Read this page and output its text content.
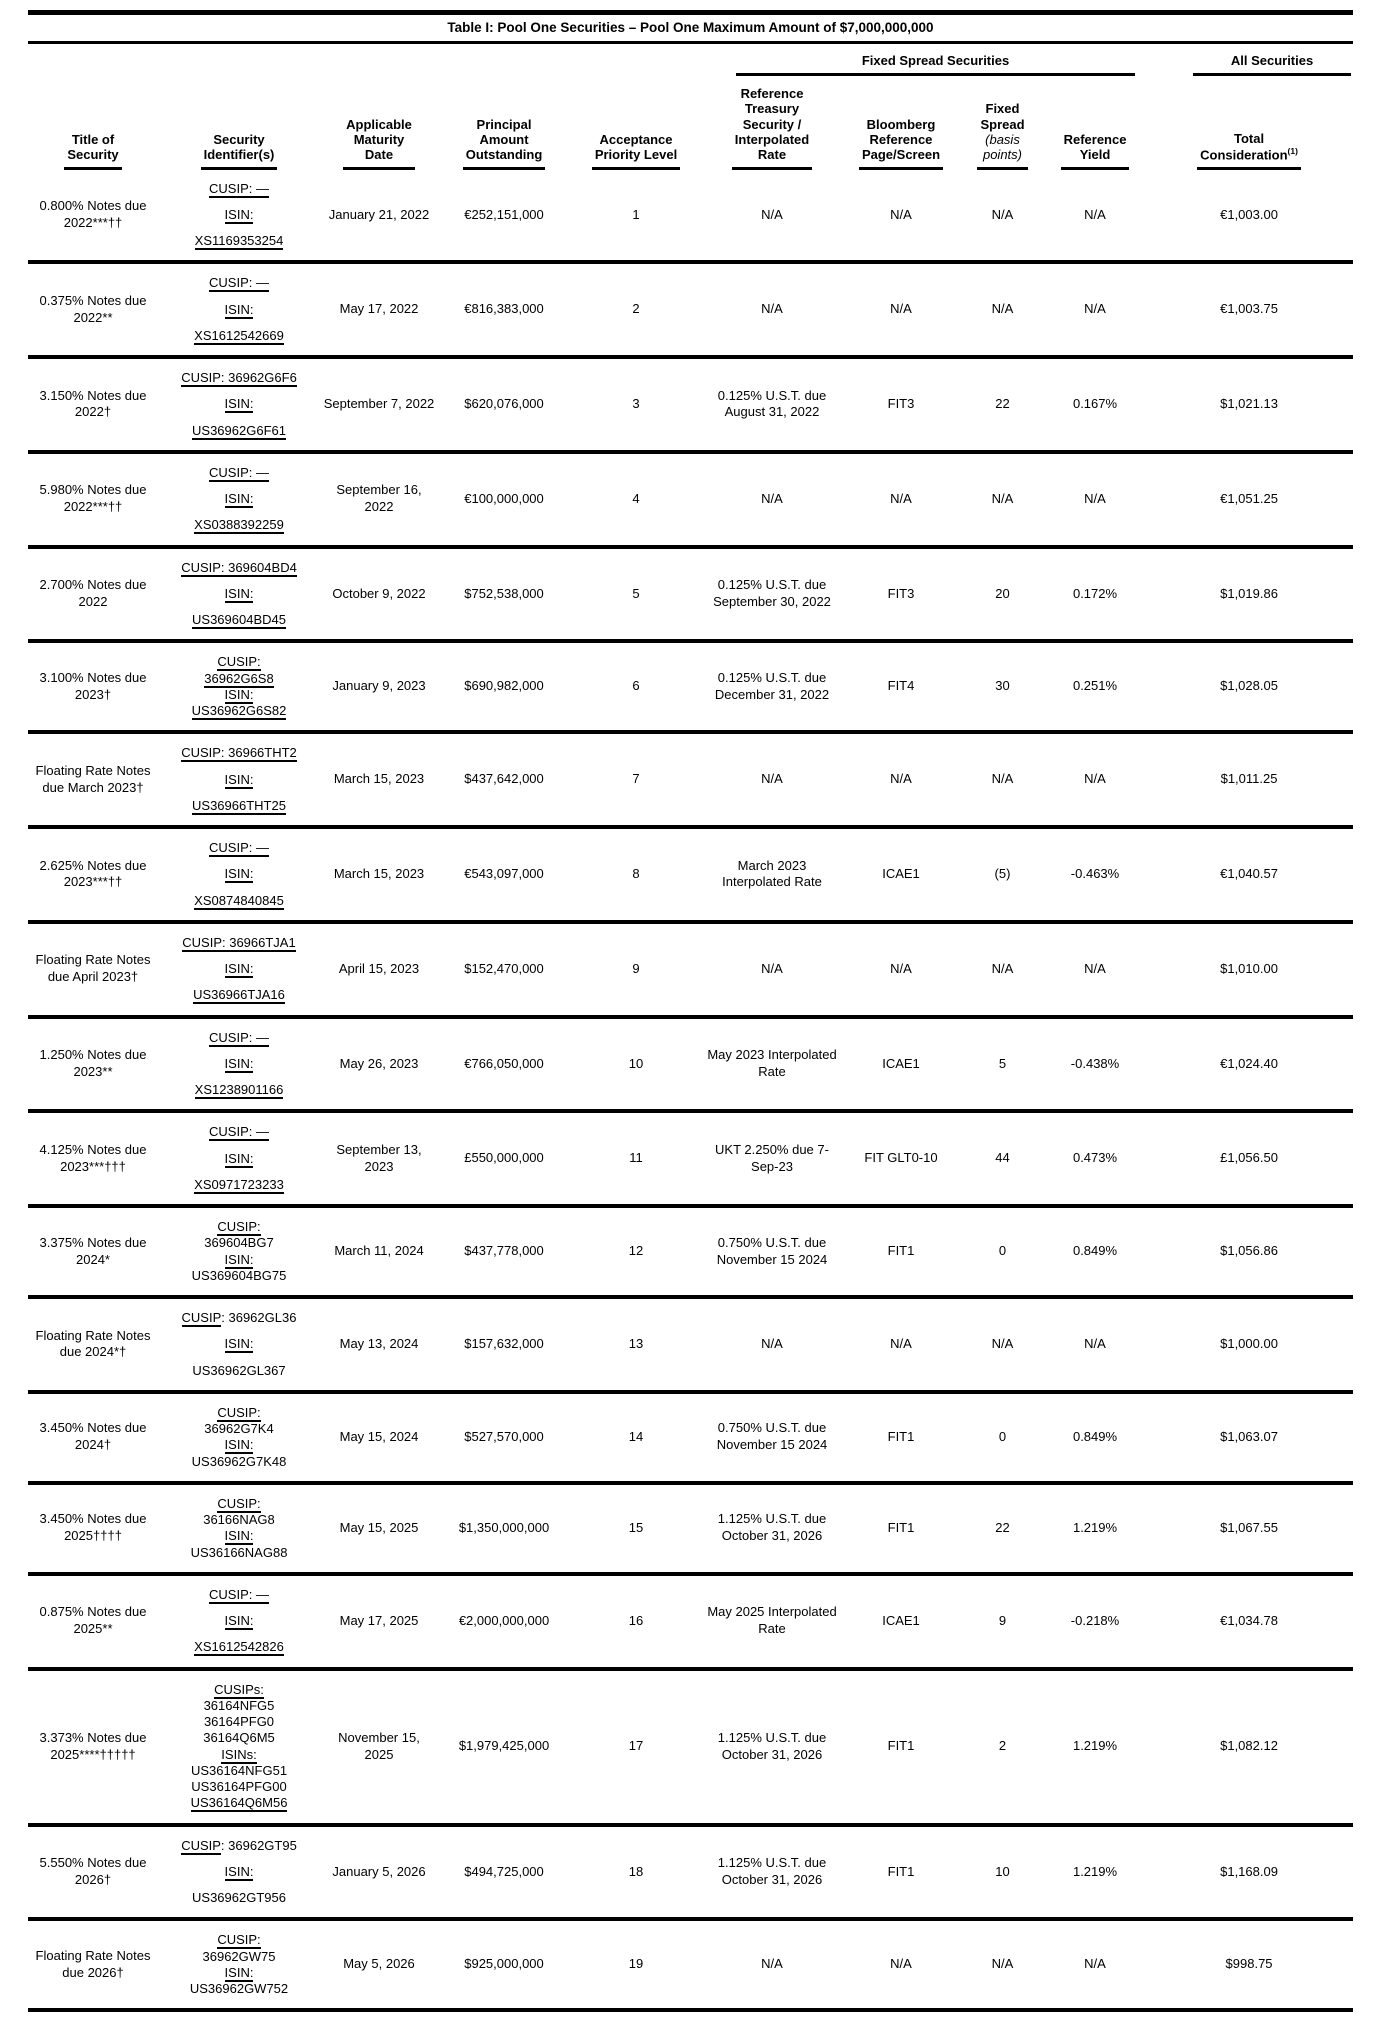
Table I: Pool One Securities – Pool One Maximum Amount of $7,000,000,000

					Fixed Spread Securities				All Securities

Title of
Security

Security
Identifier(s)

Applicable
Maturity
Date

Principal
Amount
Outstanding

Acceptance
Priority Level

Reference
Treasury
Security /
Interpolated
Rate

Bloomberg
Reference
Page/Screen

Fixed
Spread
(basis
points)

Reference
Yield

Total
Consideration$^{(1)}$

0.800% Notes due 2022***††	CUSIP: —
ISIN:
XS1169353254	January 21, 2022	€252,151,000	1	N/A	N/A	N/A	N/A	€1,003.00
0.375% Notes due 2022**	CUSIP: —
ISIN:
XS1612542669	May 17, 2022	€816,383,000	2	N/A	N/A	N/A	N/A	€1,003.75
3.150% Notes due 2022†	CUSIP: 36962G6F6
ISIN:
US36962G6F61	September 7, 2022	$620,076,000	3	0.125% U.S.T. due August 31, 2022	FIT3	22	0.167%	$1,021.13
5.980% Notes due 2022***††	CUSIP: —
ISIN:
XS0388392259	September 16, 2022	€100,000,000	4	N/A	N/A	N/A	N/A	€1,051.25
2.700% Notes due 2022	CUSIP: 369604BD4
ISIN:
US369604BD45	October 9, 2022	$752,538,000	5	0.125% U.S.T. due September 30, 2022	FIT3	20	0.172%	$1,019.86
3.100% Notes due 2023†	CUSIP:
36962G6S8
ISIN:
US36962G6S82	January 9, 2023	$690,982,000	6	0.125% U.S.T. due December 31, 2022	FIT4	30	0.251%	$1,028.05
Floating Rate Notes due March 2023†	CUSIP: 36966THT2
ISIN:
US36966THT25	March 15, 2023	$437,642,000	7	N/A	N/A	N/A	N/A	$1,011.25
2.625% Notes due 2023***††	CUSIP: —
ISIN:
XS0874840845	March 15, 2023	€543,097,000	8	March 2023 Interpolated Rate	ICAE1	(5)	-0.463%	€1,040.57
Floating Rate Notes due April 2023†	CUSIP: 36966TJA1
ISIN:
US36966TJA16	April 15, 2023	$152,470,000	9	N/A	N/A	N/A	N/A	$1,010.00
1.250% Notes due 2023**	CUSIP: —
ISIN:
XS1238901166	May 26, 2023	€766,050,000	10	May 2023 Interpolated Rate	ICAE1	5	-0.438%	€1,024.40
4.125% Notes due 2023***†††	CUSIP: —
ISIN:
XS0971723233	September 13, 2023	£550,000,000	11	UKT 2.250% due 7-Sep-23	FIT GLT0-10	44	0.473%	£1,056.50
3.375% Notes due 2024*	CUSIP:
369604BG7
ISIN:
US369604BG75	March 11, 2024	$437,778,000	12	0.750% U.S.T. due November 15 2024	FIT1	0	0.849%	$1,056.86
Floating Rate Notes due 2024*†	CUSIP: 36962GL36
ISIN:
US36962GL367	May 13, 2024	$157,632,000	13	N/A	N/A	N/A	N/A	$1,000.00
3.450% Notes due 2024†	CUSIP:
36962G7K4
ISIN:
US36962G7K48	May 15, 2024	$527,570,000	14	0.750% U.S.T. due November 15 2024	FIT1	0	0.849%	$1,063.07
3.450% Notes due 2025††††	CUSIP:
36166NAG8
ISIN:
US36166NAG88	May 15, 2025	$1,350,000,000	15	1.125% U.S.T. due October 31, 2026	FIT1	22	1.219%	$1,067.55
0.875% Notes due 2025**	CUSIP: —
ISIN:
XS1612542826	May 17, 2025	€2,000,000,000	16	May 2025 Interpolated Rate	ICAE1	9	-0.218%	€1,034.78
3.373% Notes due 2025****†††††	
CUSIPs:
36164NFG5
36164PFG0
36164Q6M5
ISINs:
US36164NFG51
US36164PFG00
US36164Q6M56
	November 15, 2025	$1,979,425,000	17	1.125% U.S.T. due October 31, 2026	FIT1	2	1.219%	$1,082.12
5.550% Notes due 2026†	CUSIP: 36962GT95
ISIN:
US36962GT956	January 5, 2026	$494,725,000	18	1.125% U.S.T. due October 31, 2026	FIT1	10	1.219%	$1,168.09
Floating Rate Notes due 2026†	CUSIP:
36962GW75
ISIN:
US36962GW752	May 5, 2026	$925,000,000	19	N/A	N/A	N/A	N/A	$998.75
